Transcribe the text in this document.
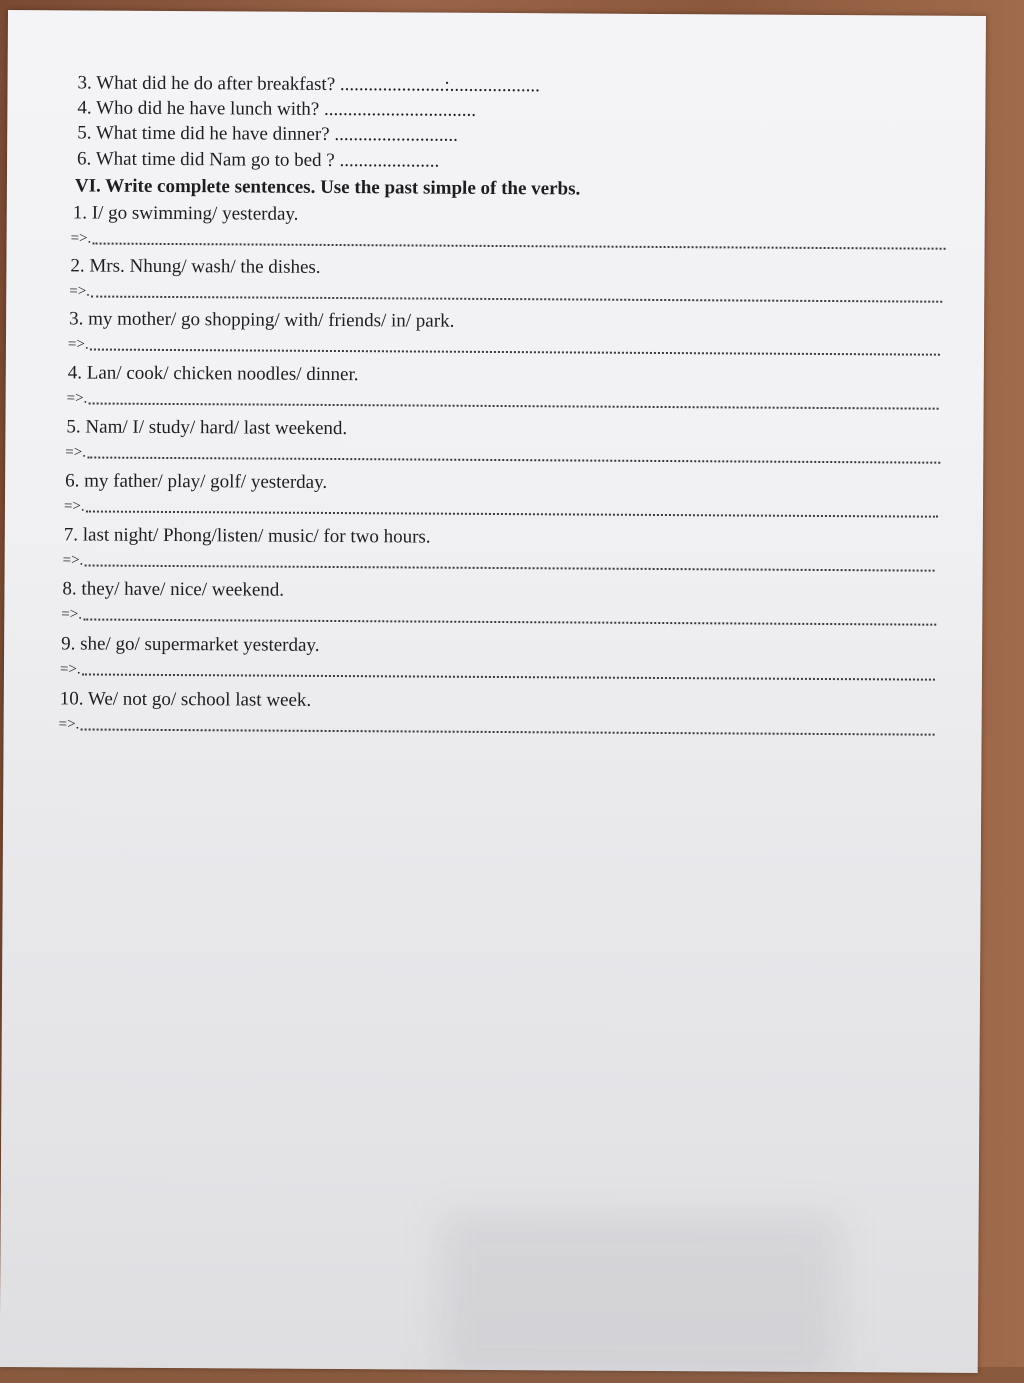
3. What did he do after breakfast? ......................:...................
4. Who did he have lunch with? ................................
5. What time did he have dinner? ..........................
6. What time did Nam go to bed ? .....................
VI. Write complete sentences. Use the past simple of the verbs.
1. I/ go swimming/ yesterday.
=>.
2. Mrs. Nhung/ wash/ the dishes.
=>.
3. my mother/ go shopping/ with/ friends/ in/ park.
=>.
4. Lan/ cook/ chicken noodles/ dinner.
=>.
5. Nam/ I/ study/ hard/ last weekend.
=>.
6. my father/ play/ golf/ yesterday.
=>.
7. last night/ Phong/listen/ music/ for two hours.
=>.
8. they/ have/ nice/ weekend.
=>.
9. she/ go/ supermarket yesterday.
=>.
10. We/ not go/ school last week.
=>.
